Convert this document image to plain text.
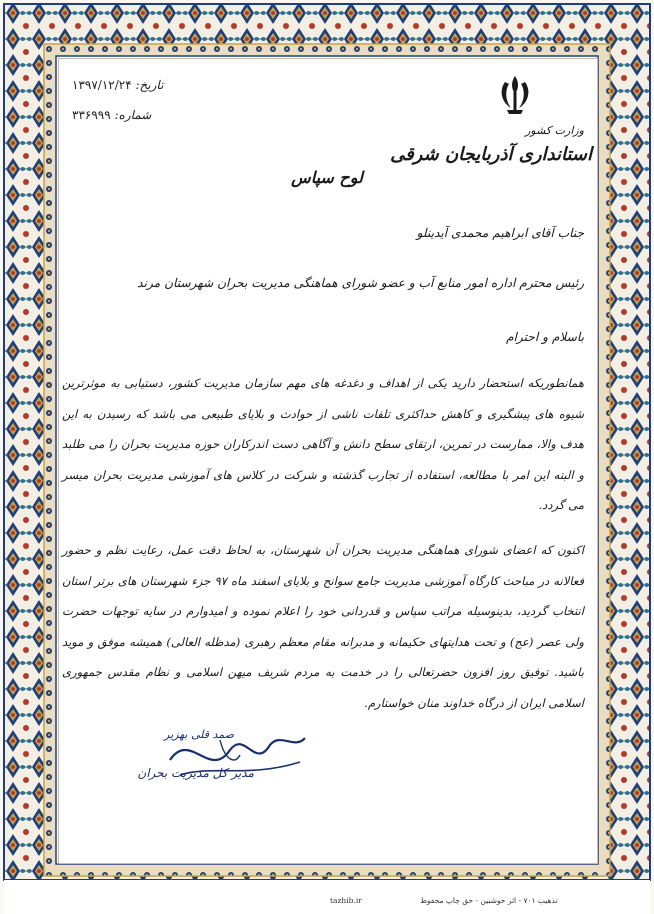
تاریخ: ۱۳۹۷/۱۲/۲۴
شماره: ۳۳۶۹۹۹
وزارت کشور
استانداری آذربایجان شرقی
لوح سپاس
جناب آقای ابراهیم محمدی آیدینلو
رئیس محترم اداره امور منابع آب و عضو شورای هماهنگی مدیریت بحران شهرستان مرند
باسلام و احترام
همانطوریکه استحضار دارید یکی از اهداف و دغدغه های مهم سازمان مدیریت کشور، دستیابی به موثرترین شیوه های پیشگیری و کاهش حداکثری تلفات ناشی از حوادث و بلایای طبیعی می باشد که رسیدن به این هدف والا، ممارست در تمرین، ارتقای سطح دانش و آگاهی دست اندرکاران حوزه مدیریت بحران را می طلبد و البته این امر با مطالعه، استفاده از تجارب گذشته و شرکت در کلاس های آموزشی مدیریت بحران میسر می گردد.
اکنون که اعضای شورای هماهنگی مدیریت بحران آن شهرستان، به لحاظ دقت عمل، رعایت نظم و حضور فعالانه در مباحث کارگاه آموزشی مدیریت جامع سوانح و بلایای اسفند ماه ۹۷ جزء شهرستان های برتر استان انتخاب گردید، بدینوسیله مراتب سپاس و قدردانی خود را اعلام نموده و امیدوارم در سایه توجهات حضرت ولی عصر (عج) و تحت هدایتهای حکیمانه و مدبرانه مقام معظم رهبری (مدظله العالی) همیشه موفق و موید باشید. توفیق روز افزون حضرتعالی را در خدمت به مردم شریف میهن اسلامی و نظام مقدس جمهوری اسلامی ایران از درگاه خداوند منان خواستارم.
صمد قلی بهزیر
مدیر کل مدیریت بحران
تذهیب ۷۰۱ - اثر خوشبین - حق چاپ محفوظ
tazhib.ir
